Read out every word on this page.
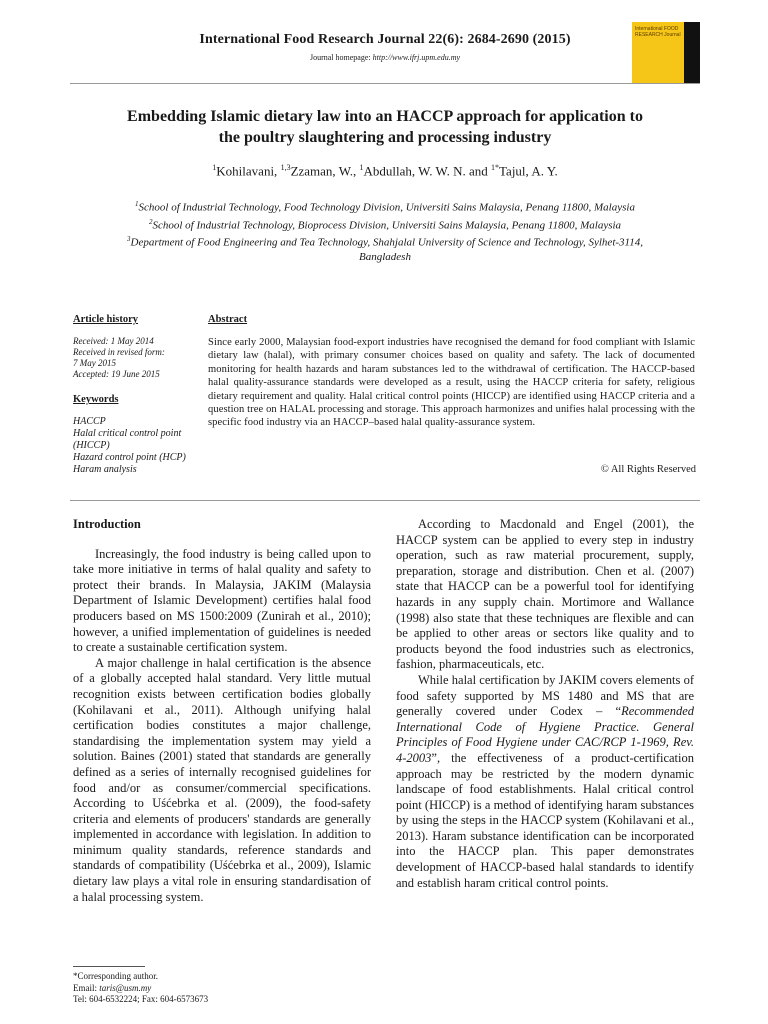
International Food Research Journal 22(6): 2684-2690 (2015)
Journal homepage: http://www.ifrj.upm.edu.my
International FOOD RESEARCH Journal
Embedding Islamic dietary law into an HACCP approach for application to
the poultry slaughtering and processing industry
$^1$Kohilavani, $^{1,3}$Zzaman, W., $^1$Abdullah, W. W. N. and $^{1*}$Tajul, A. Y.

$^1$School of Industrial Technology, Food Technology Division, Universiti Sains Malaysia, Penang 11800, Malaysia

$^2$School of Industrial Technology, Bioprocess Division, Universiti Sains Malaysia, Penang 11800, Malaysia

$^3$Department of Food Engineering and Tea Technology, Shahjalal University of Science and Technology, Sylhet-3114, Bangladesh

Article history
Received: 1 May 2014
Received in revised form:
7 May 2015
Accepted: 19 June 2015
Keywords
HACCP
Halal critical control point (HICCP)
Hazard control point (HCP)
Haram analysis
Abstract
Since early 2000, Malaysian food-export industries have recognised the demand for food compliant with Islamic dietary law (halal), with primary consumer choices based on quality and safety. The lack of documented monitoring for health hazards and haram substances led to the withdrawal of certification. The HACCP-based halal quality-assurance standards were developed as a result, using the HACCP criteria for safety, religious dietary requirement and quality. Halal critical control points (HICCP) are identified using HACCP criteria and a question tree on HALAL processing and storage. This approach harmonizes and unifies halal processing with the specific food industry via an HACCP–based halal quality-assurance system.
© All Rights Reserved

Introduction

Increasingly, the food industry is being called upon to take more initiative in terms of halal quality and safety to protect their brands. In Malaysia, JAKIM (Malaysia Department of Islamic Development) certifies halal food producers based on MS 1500:2009 (Zunirah et al., 2010); however, a unified implementation of guidelines is needed to create a sustainable certification system.

A major challenge in halal certification is the absence of a globally accepted halal standard. Very little mutual recognition exists between certification bodies globally (Kohilavani et al., 2011). Although unifying halal certification bodies constitutes a major challenge, standardising the implementation system may yield a solution. Baines (2001) stated that standards are generally defined as a series of internally recognised guidelines for food and/or as consumer/commercial specifications. According to Uśćebrka et al. (2009), the food-safety criteria and elements of producers' standards are generally implemented in accordance with legislation. In addition to minimum quality standards, reference standards and standards of compatibility (Uśćebrka et al., 2009), Islamic dietary law plays a vital role in ensuring standardisation of a halal processing system.

According to Macdonald and Engel (2001), the HACCP system can be applied to every step in industry operation, such as raw material procurement, supply, preparation, storage and distribution. Chen et al. (2007) state that HACCP can be a powerful tool for identifying hazards in any supply chain. Mortimore and Wallance (1998) also state that these techniques are flexible and can be applied to other areas or sectors like quality and to products beyond the food industries such as electronics, fashion, pharmaceuticals, etc.

While halal certification by JAKIM covers elements of food safety supported by MS 1480 and MS that are generally covered under Codex – “Recommended International Code of Hygiene Practice. General Principles of Food Hygiene under CAC/RCP 1-1969, Rev. 4-2003”, the effectiveness of a product-certification approach may be restricted by the modern dynamic landscape of food establishments. Halal critical control point (HICCP) is a method of identifying haram substances by using the steps in the HACCP system (Kohilavani et al., 2013). Haram substance identification can be incorporated into the HACCP plan. This paper demonstrates development of HACCP-based halal standards to identify and establish haram critical control points.

*Corresponding author.
Email: taris@usm.my
Tel: 604-6532224; Fax: 604-6573673
